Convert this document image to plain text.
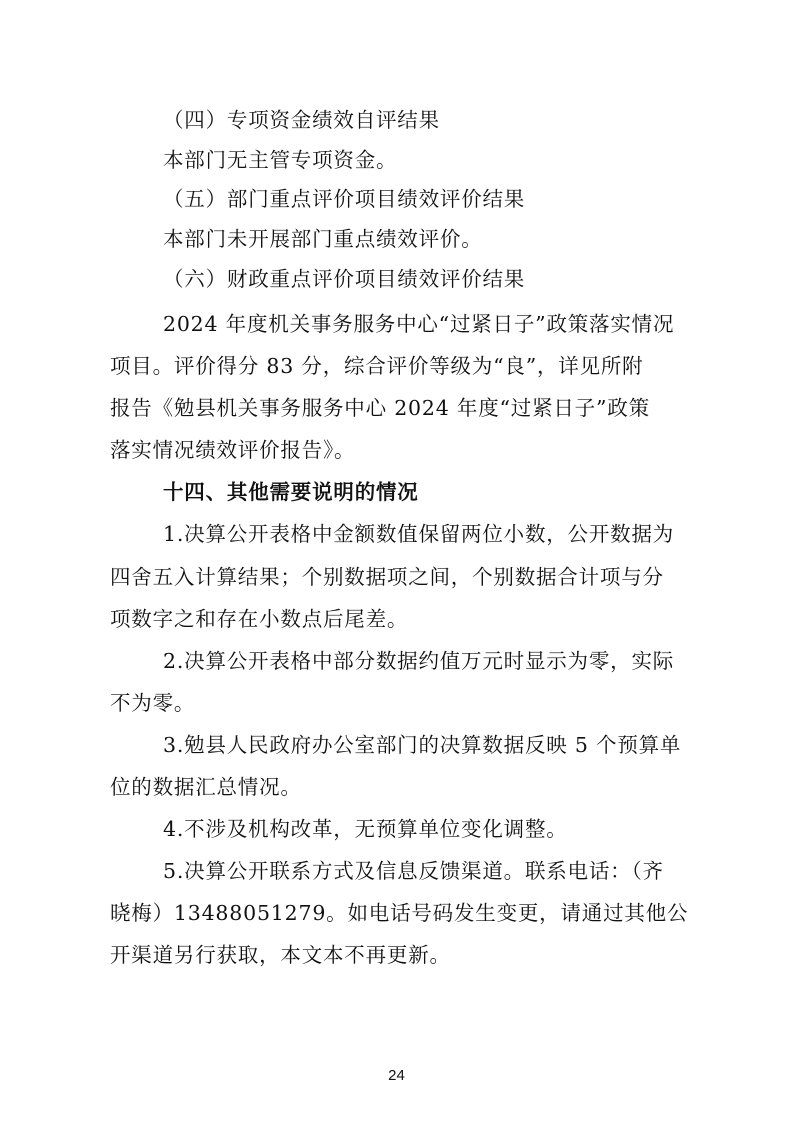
（四）专项资金绩效自评结果
本部门无主管专项资金。
（五）部门重点评价项目绩效评价结果
本部门未开展部门重点绩效评价。
（六）财政重点评价项目绩效评价结果
2024 年度机关事务服务中心“过紧日子”政策落实情况
项目。评价得分 83 分，综合评价等级为“良”，详见所附
报告《勉县机关事务服务中心 2024 年度“过紧日子”政策
落实情况绩效评价报告》。
十四、其他需要说明的情况
1.决算公开表格中金额数值保留两位小数，公开数据为
四舍五入计算结果；个别数据项之间，个别数据合计项与分
项数字之和存在小数点后尾差。
2.决算公开表格中部分数据约值万元时显示为零，实际
不为零。
3.勉县人民政府办公室部门的决算数据反映 5 个预算单
位的数据汇总情况。
4.不涉及机构改革，无预算单位变化调整。
5.决算公开联系方式及信息反馈渠道。联系电话：（齐
晓梅）13488051279。如电话号码发生变更，请通过其他公
开渠道另行获取，本文本不再更新。
24
